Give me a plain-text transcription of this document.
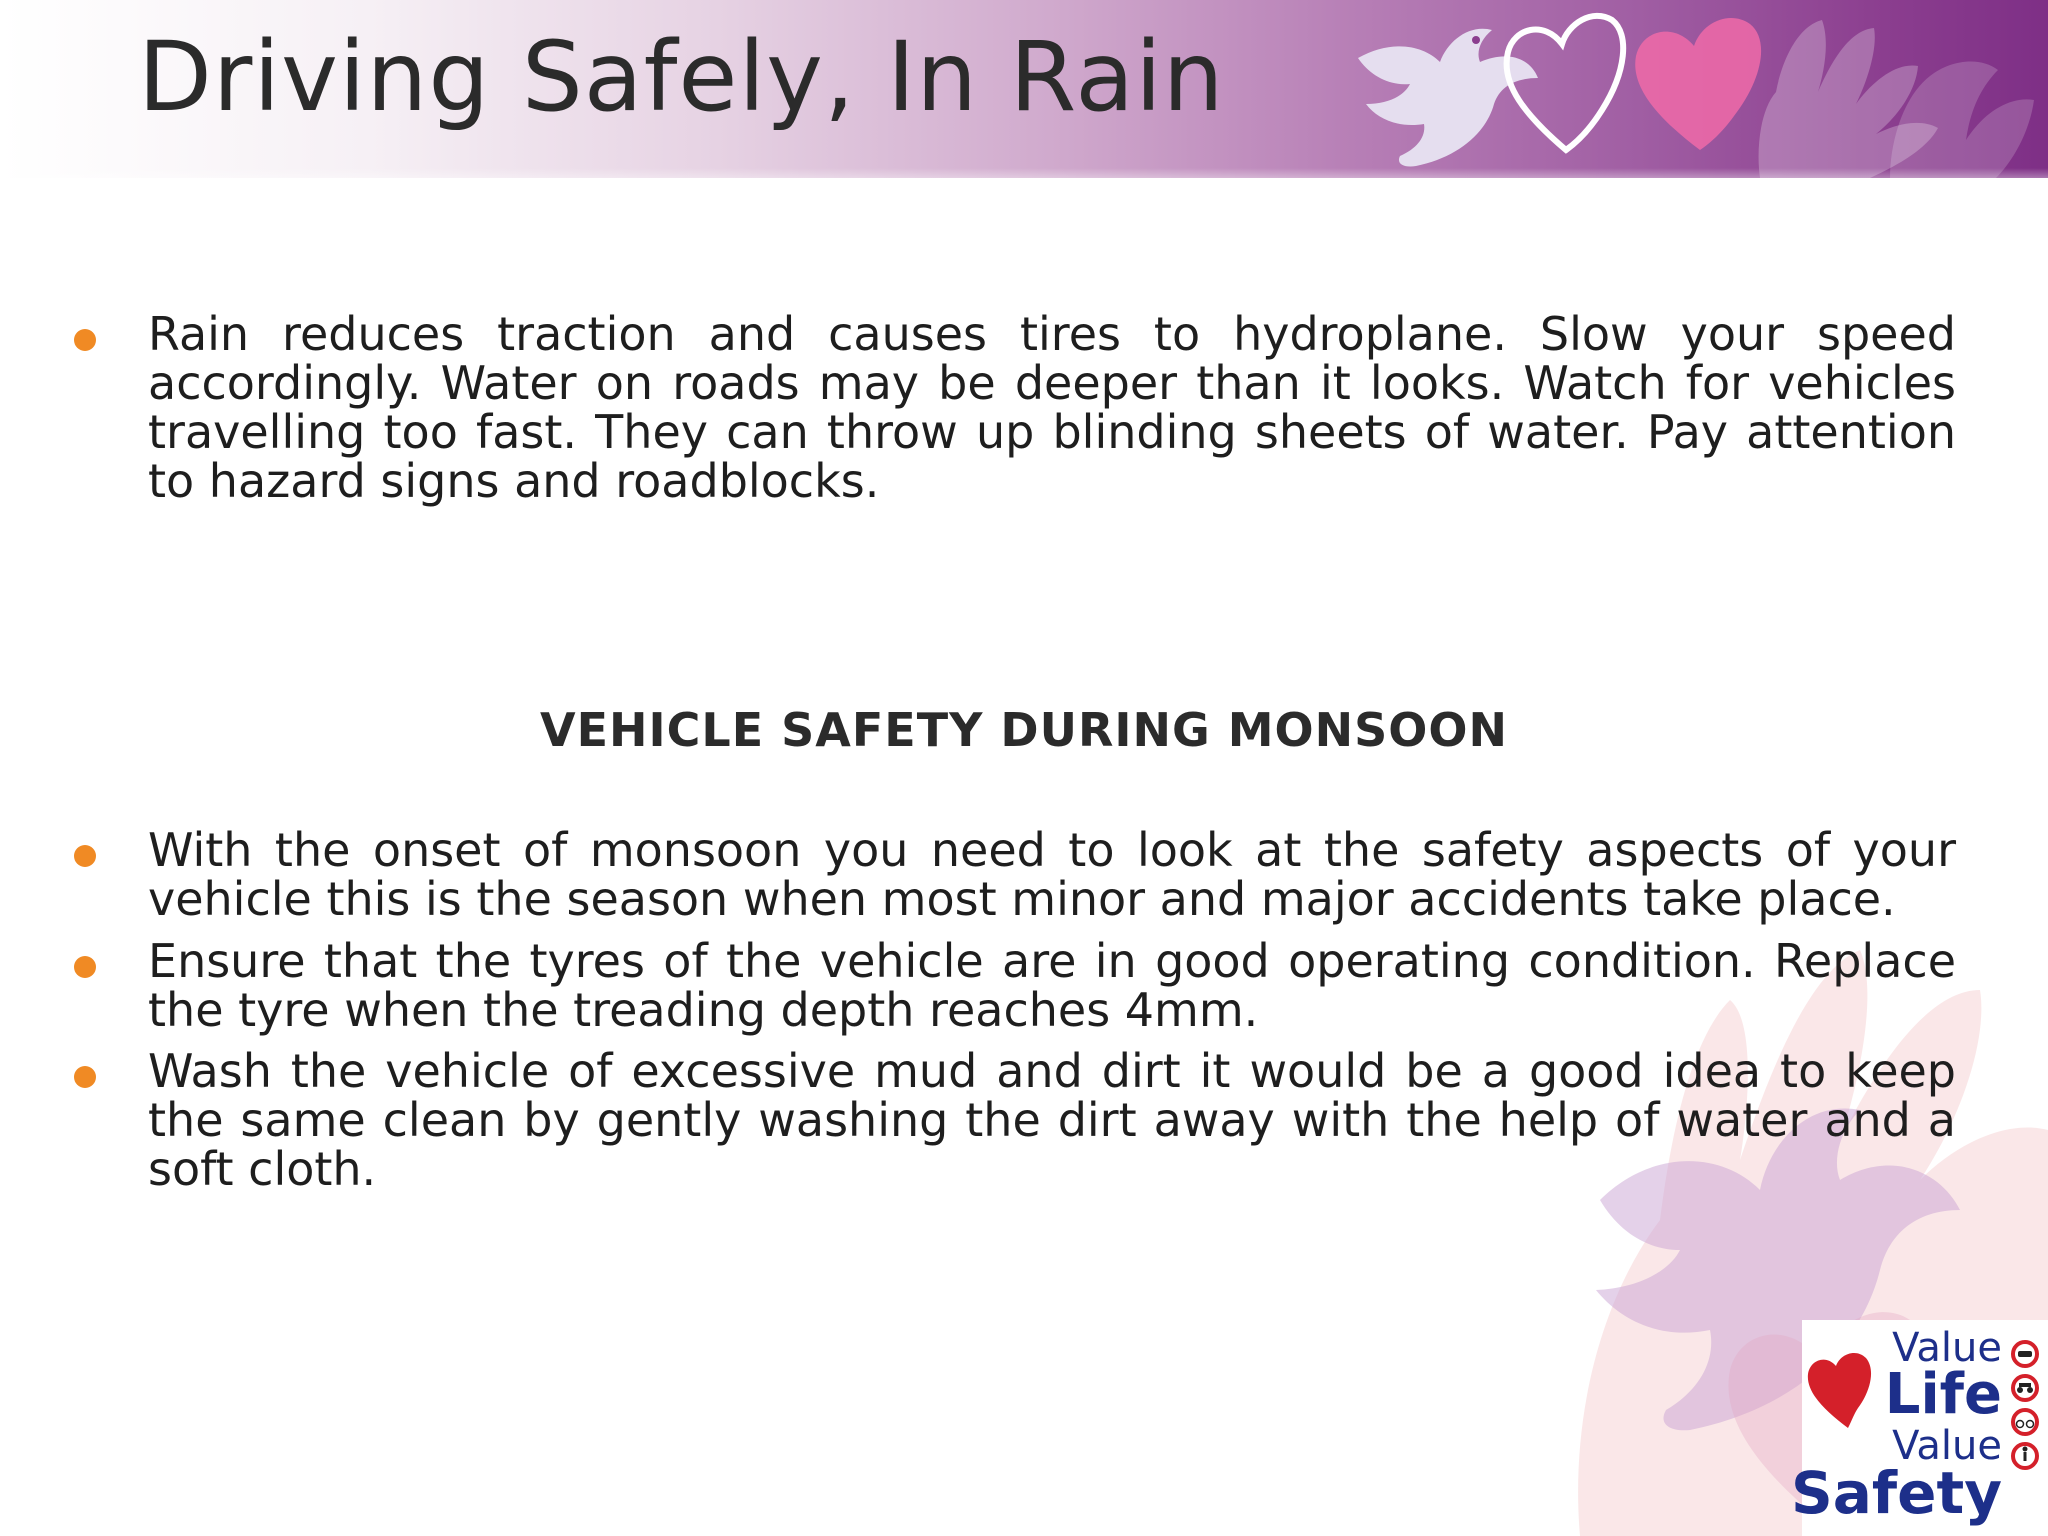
Driving Safely, In Rain

Rain reduces traction and causes tires to hydroplane. Slow your speed accordingly. Water on roads may be deeper than it looks. Watch for vehicles travelling too fast. They can throw up blinding sheets of water. Pay attention to hazard signs and roadblocks.

VEHICLE SAFETY DURING MONSOON

With the onset of monsoon you need to look at the safety aspects of your vehicle this is the season when most minor and major accidents take place.

Ensure that the tyres of the vehicle are in good operating condition. Replace the tyre when the treading depth reaches 4mm.

Wash the vehicle of excessive mud and dirt it would be a good idea to keep the same clean by gently washing the dirt away with the help of water and a soft cloth.

Value
Life
Value
Safety
